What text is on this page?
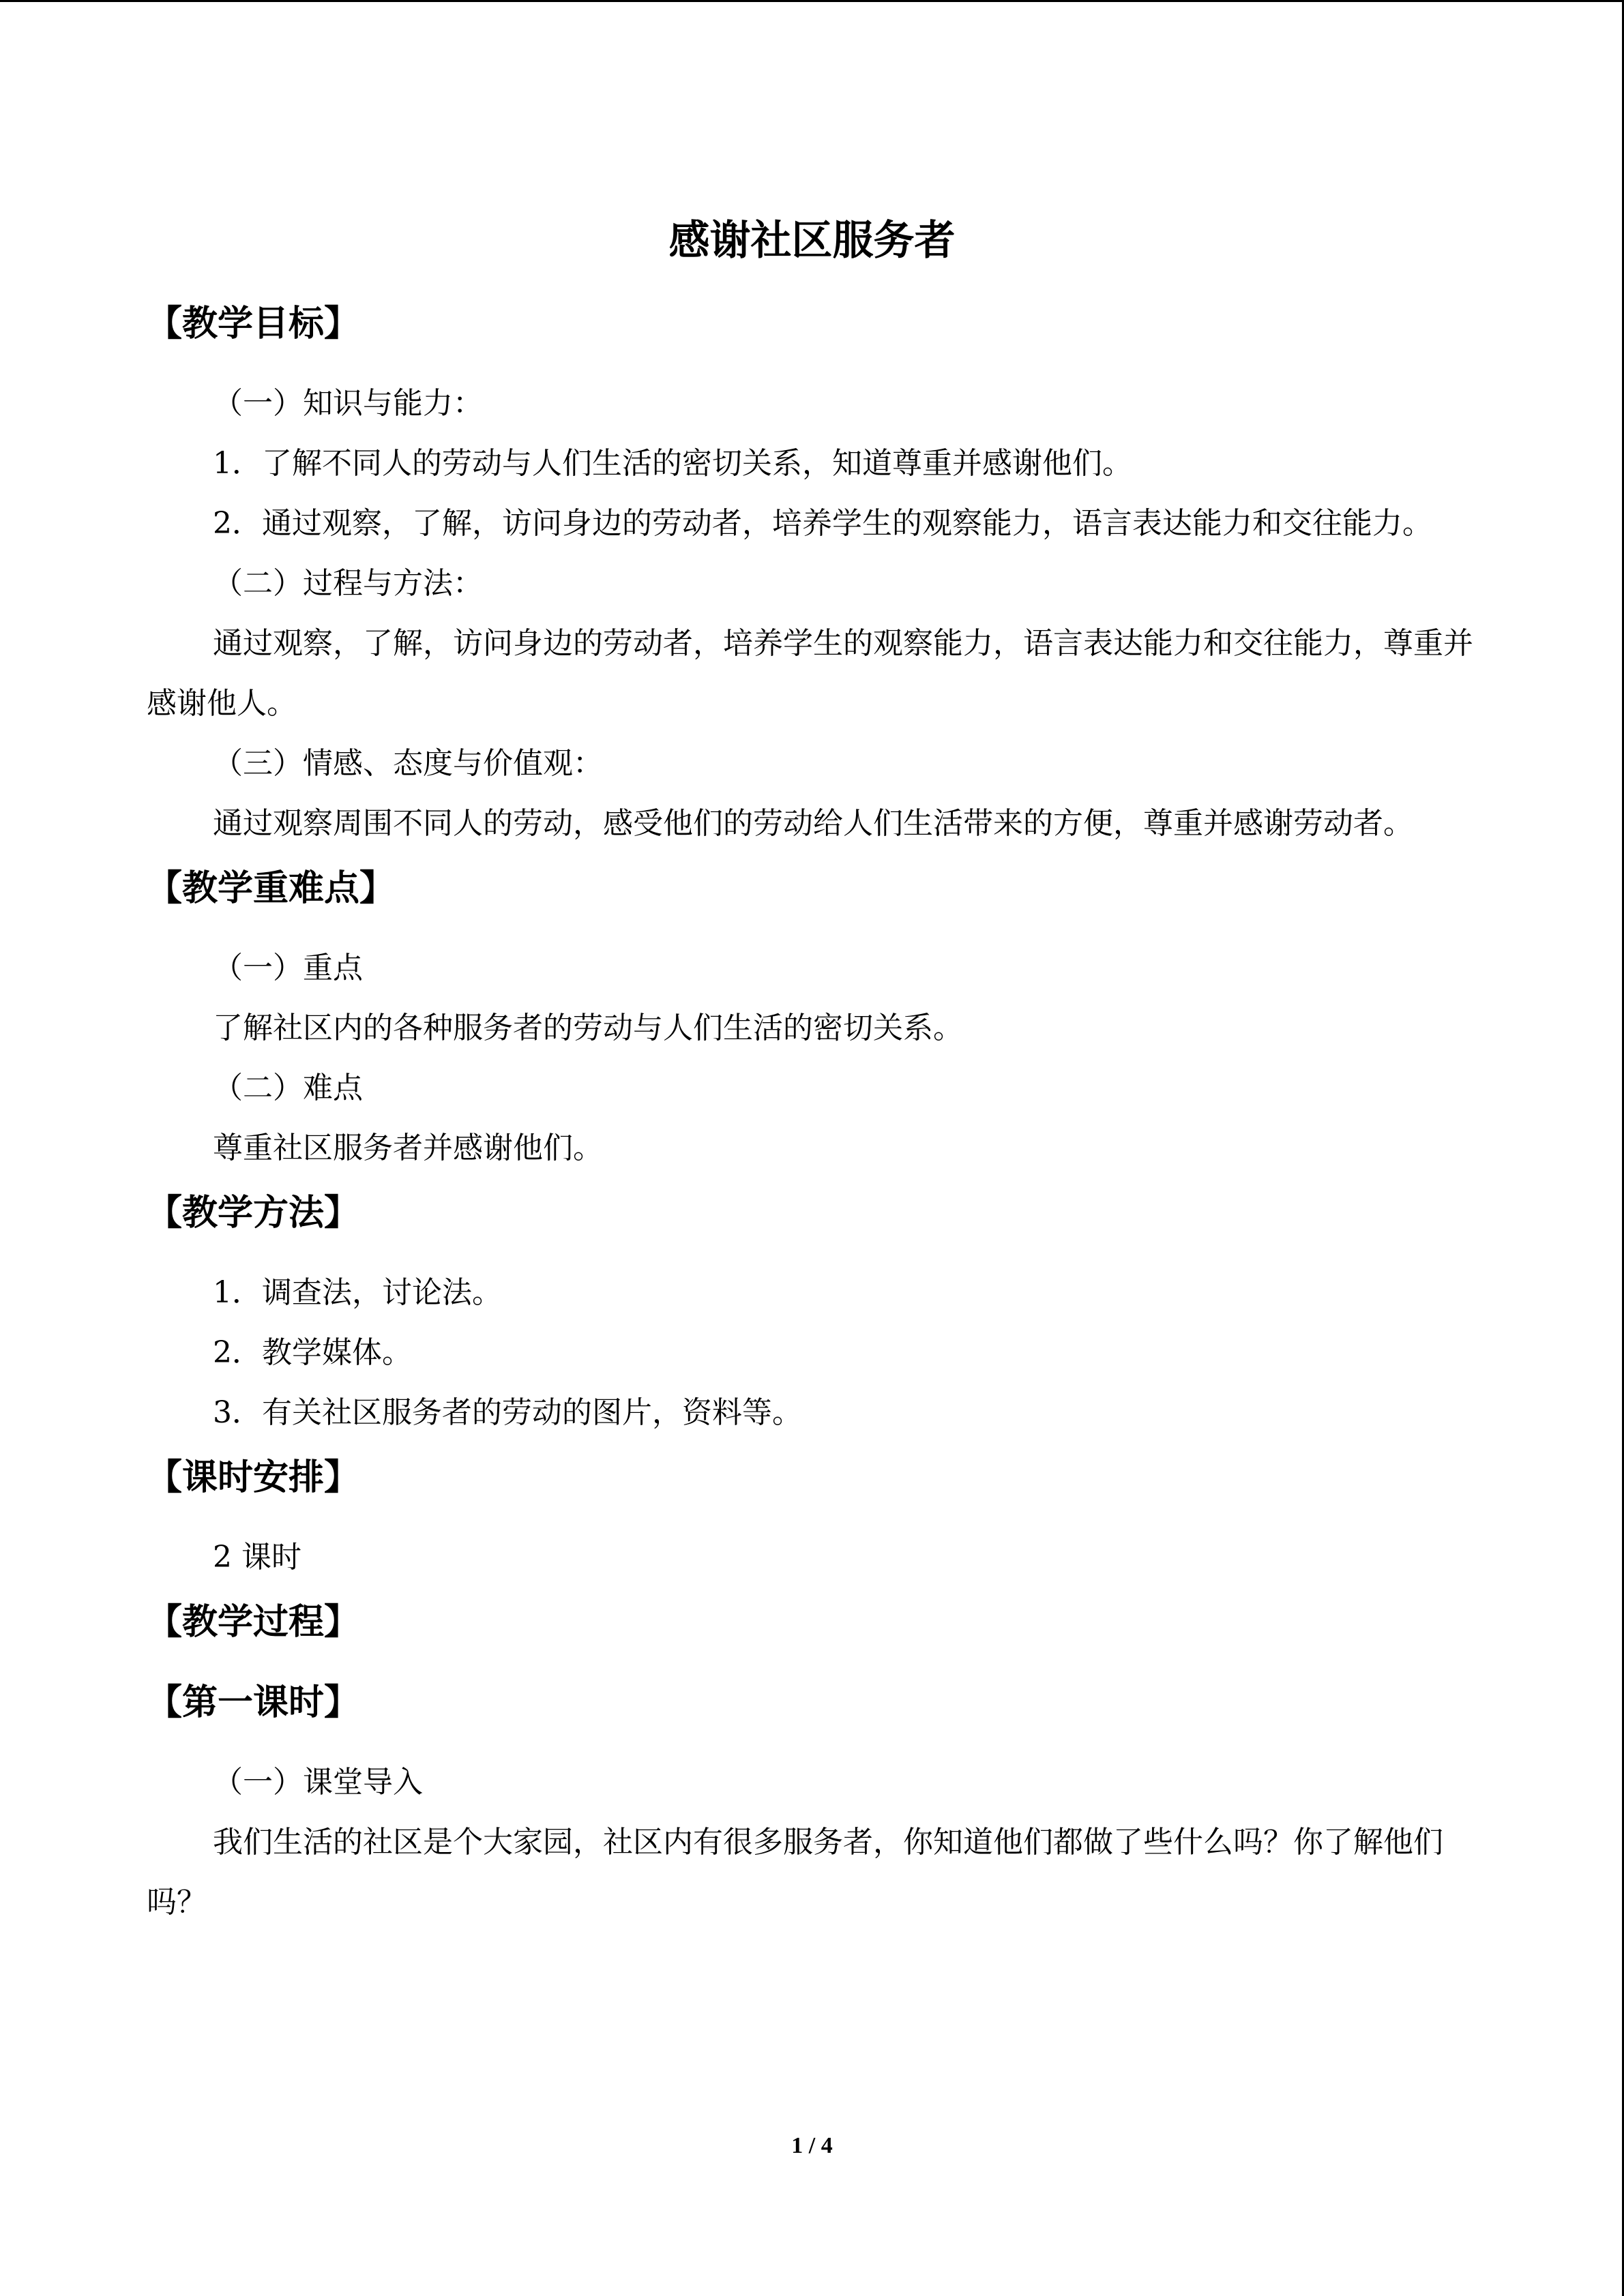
感谢社区服务者
【教学目标】

（一）知识与能力：

1．了解不同人的劳动与人们生活的密切关系，知道尊重并感谢他们。

2．通过观察，了解，访问身边的劳动者，培养学生的观察能力，语言表达能力和交往能力。

（二）过程与方法：

通过观察，了解，访问身边的劳动者，培养学生的观察能力，语言表达能力和交往能力，尊重并感谢他人。

（三）情感、态度与价值观：

通过观察周围不同人的劳动，感受他们的劳动给人们生活带来的方便，尊重并感谢劳动者。

【教学重难点】

（一）重点

了解社区内的各种服务者的劳动与人们生活的密切关系。

（二）难点

尊重社区服务者并感谢他们。

【教学方法】

1．调查法，讨论法。

2．教学媒体。

3．有关社区服务者的劳动的图片，资料等。

【课时安排】

2 课时

【教学过程】
【第一课时】

（一）课堂导入

我们生活的社区是个大家园，社区内有很多服务者，你知道他们都做了些什么吗？你了解他们吗？

1 / 4
